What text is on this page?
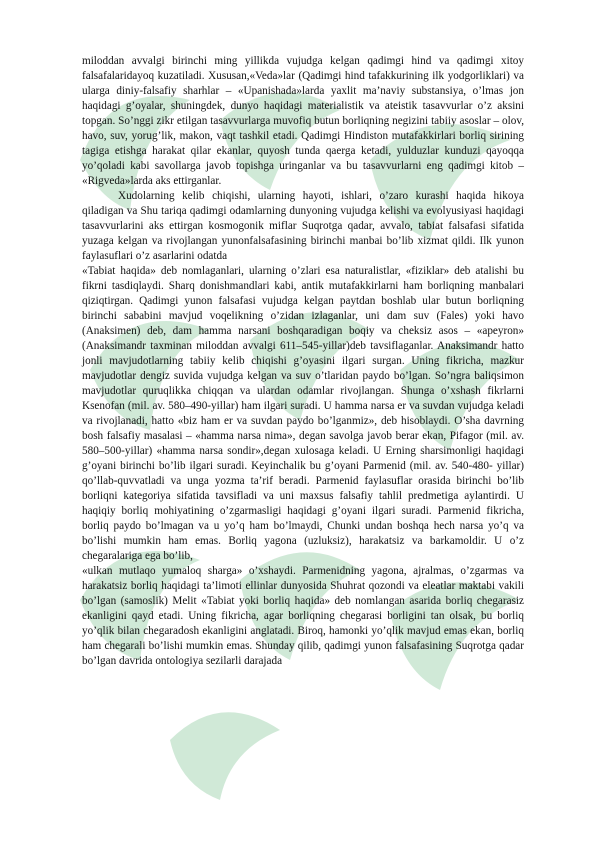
miloddan avvalgi birinchi ming yillikda vujudga kelgan qadimgi hind va qadimgi xitoy falsafalaridayoq kuzatiladi. Xususan,«Veda»lar (Qadimgi hind tafakkurining ilk yodgorliklari) va ularga diniy-falsafiy sharhlar – «Upanishada»larda yaxlit ma’naviy substansiya, o’lmas jon haqidagi g’oyalar, shuningdek, dunyo haqidagi materialistik va ateistik tasavvurlar o’z aksini topgan. So’nggi zikr etilgan tasavvurlarga muvofiq butun borliqning negizini tabiiy asoslar – olov, havo, suv, yorug’lik, makon, vaqt tashkil etadi. Qadimgi Hindiston mutafakkirlari borliq sirining tagiga etishga harakat qilar ekanlar, quyosh tunda qaerga ketadi, yulduzlar kunduzi qayoqqa yo’qoladi kabi savollarga javob topishga uringanlar va bu tasavvurlarni eng qadimgi kitob – «Rigveda»larda aks ettirganlar.

Xudolarning kelib chiqishi, ularning hayoti, ishlari, o’zaro kurashi haqida hikoya qiladigan va Shu tariqa qadimgi odamlarning dunyoning vujudga kelishi va evolyusiyasi haqidagi tasavvurlarini aks ettirgan kosmogonik miflar Suqrotga qadar, avvalo, tabiat falsafasi sifatida yuzaga kelgan va rivojlangan yunonfalsafasining birinchi manbai bo’lib xizmat qildi. Ilk yunon faylasuflari o’z asarlarini odatda

«Tabiat haqida» deb nomlaganlari, ularning o’zlari esa naturalistlar, «fiziklar» deb atalishi bu fikrni tasdiqlaydi. Sharq donishmandlari kabi, antik mutafakkirlarni ham borliqning manbalari qiziqtirgan. Qadimgi yunon falsafasi vujudga kelgan paytdan boshlab ular butun borliqning birinchi sababini mavjud voqelikning o’zidan izlaganlar, uni dam suv (Fales) yoki havo (Anaksimen) deb, dam hamma narsani boshqaradigan boqiy va cheksiz asos – «apeyron» (Anaksimandr taxminan miloddan avvalgi 611–545-yillar)deb tavsiflaganlar. Anaksimandr hatto jonli mavjudotlarning tabiiy kelib chiqishi g’oyasini ilgari surgan. Uning fikricha, mazkur mavjudotlar dengiz suvida vujudga kelgan va suv o’tlaridan paydo bo’lgan. So’ngra baliqsimon mavjudotlar quruqlikka chiqqan va ulardan odamlar rivojlangan. Shunga o’xshash fikrlarni Ksenofan (mil. av. 580–490-yillar) ham ilgari suradi. U hamma narsa er va suvdan vujudga keladi va rivojlanadi, hatto «biz ham er va suvdan paydo bo’lganmiz», deb hisoblaydi. O’sha davrning bosh falsafiy masalasi – «hamma narsa nima», degan savolga javob berar ekan, Pifagor (mil. av. 580–500-yillar) «hamma narsa sondir»,degan xulosaga keladi. U Erning sharsimonligi haqidagi g’oyani birinchi bo’lib ilgari suradi. Keyinchalik bu g’oyani Parmenid (mil. av. 540-480- yillar) qo’llab-quvvatladi va unga yozma ta’rif beradi. Parmenid faylasuflar orasida birinchi bo’lib borliqni kategoriya sifatida tavsifladi va uni maxsus falsafiy tahlil predmetiga aylantirdi. U haqiqiy borliq mohiyatining o’zgarmasligi haqidagi g’oyani ilgari suradi. Parmenid fikricha, borliq paydo bo’lmagan va u yo’q ham bo’lmaydi, Chunki undan boshqa hech narsa yo’q va bo’lishi mumkin ham emas. Borliq yagona (uzluksiz), harakatsiz va barkamoldir. U o’z chegaralariga ega bo’lib,

«ulkan mutlaqo yumaloq sharga» o’xshaydi. Parmenidning yagona, ajralmas, o’zgarmas va harakatsiz borliq haqidagi ta’limoti ellinlar dunyosida Shuhrat qozondi va eleatlar maktabi vakili bo’lgan (samoslik) Melit «Tabiat yoki borliq haqida» deb nomlangan asarida borliq chegarasiz ekanligini qayd etadi. Uning fikricha, agar borliqning chegarasi borligini tan olsak, bu borliq yo’qlik bilan chegaradosh ekanligini anglatadi. Biroq, hamonki yo’qlik mavjud emas ekan, borliq ham chegarali bo’lishi mumkin emas. Shunday qilib, qadimgi yunon falsafasining Suqrotga qadar bo’lgan davrida ontologiya sezilarli darajada
